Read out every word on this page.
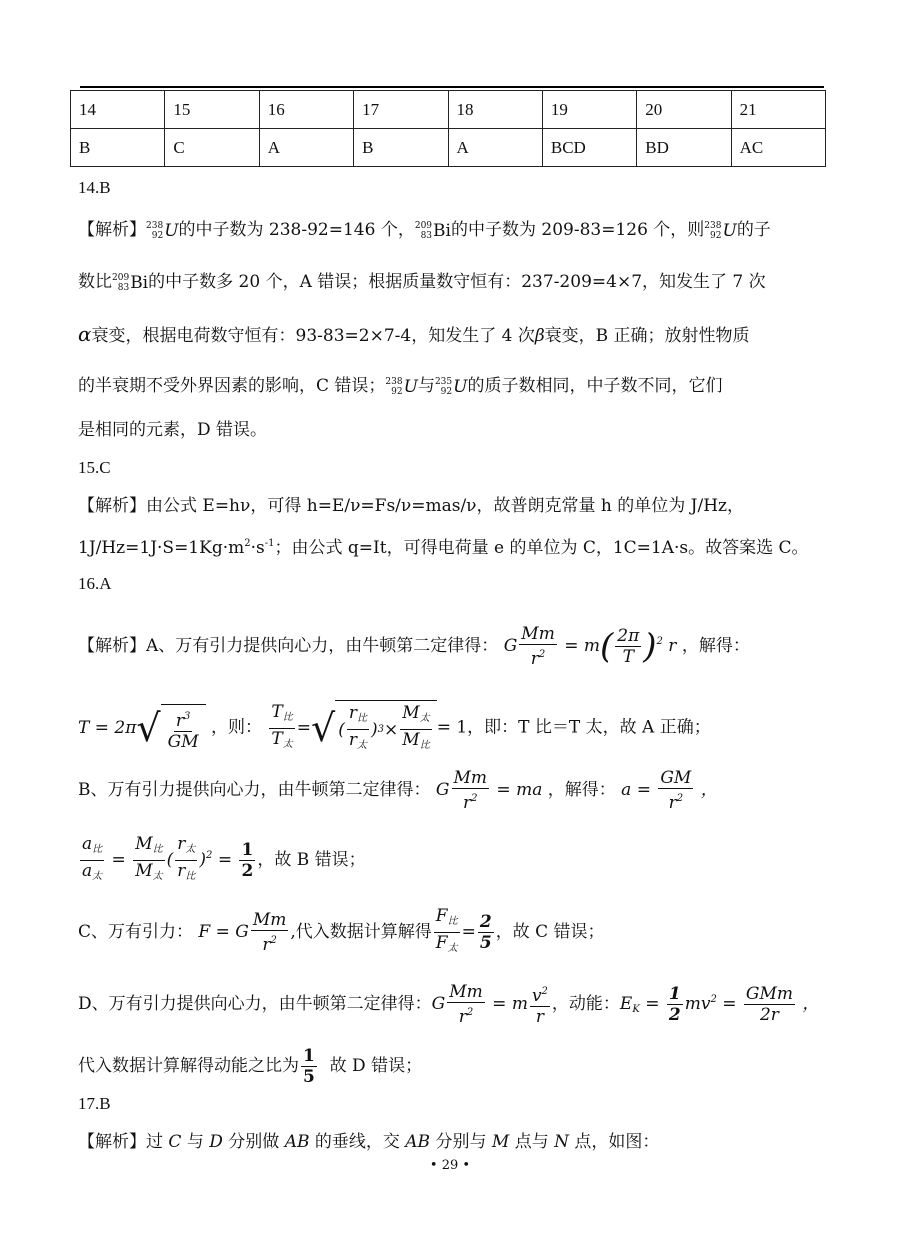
14	15	16	17	18	19	20	21
B	C	A	B	A	BCD	BD	AC
14.B
【解析】 238
92 U的中子数为 238-92=146 个， 209
83 Bi的中子数为 209-83=126 个，则 238
92 U的子
数比 209
83 Bi的中子数多 20 个，A 错误；根据质量数守恒有：237-209=4×7，知发生了 7 次
α衰变，根据电荷数守恒有：93-83=2×7-4，知发生了 4 次β衰变，B 正确；放射性物质
的半衰期不受外界因素的影响，C 错误； 238
92 U与 235
92 U的质子数相同，中子数不同，它们
是相同的元素，D 错误。
15.C
【解析】由公式 E=hν，可得 h=E/ν=Fs/ν=mas/ν，故普朗克常量 h 的单位为 J/Hz，
$1J/Hz=1J\cdot S=1Kg\cdot m^2\cdot s^{-1}$；由公式 q=It，可得电荷量 e 的单位为 C，1C=1A·s。故答案选 C。
16.A
【解析】A、万有引力提供向心力，由牛顿第二定律得： G $\frac{Mm}{r^2} = m( \frac{2\pi}{T} )^2$ r ，解得：
T = 2π √ $\frac{r^3}{GM}$ ，则： $\frac{T_比}{T_太}$ = √ ( $\frac{r_比}{r_太}$ ) $3 \times \frac{M_太}{M_比} = 1$，即：T 比＝T 太，故 A 正确；
B、万有引力提供向心力，由牛顿第二定律得： G $\frac{Mm}{r^2}$ = ma ，解得： $a = \frac{GM}{r^2}$ ，
$\frac{a_比}{a_太} = \frac{M_比}{M_太}$ ( $\frac{r_太}{r_比} )^2 = \frac{1}{2}$ ，故 B 错误；
C、万有引力： F = G $\frac{Mm}{r^2}$ ,代入数据计算解得 $\frac{F_比}{F_太} = \frac{2}{5}$ ，故 C 错误；
D、万有引力提供向心力，由牛顿第二定律得：G $\frac{Mm}{r^2} = m \frac{v^2}{r}$ ，动能：$E_K = \frac{1}{2} mv^2 = \frac{\text{GMm}}{2r}$ ，
代入数据计算解得动能之比为 $\frac{1}{5}$ 故 D 错误；
17.B
【解析】过 C 与 D 分别做 AB 的垂线，交 AB 分别与 M 点与 N 点，如图：
• 29 •
